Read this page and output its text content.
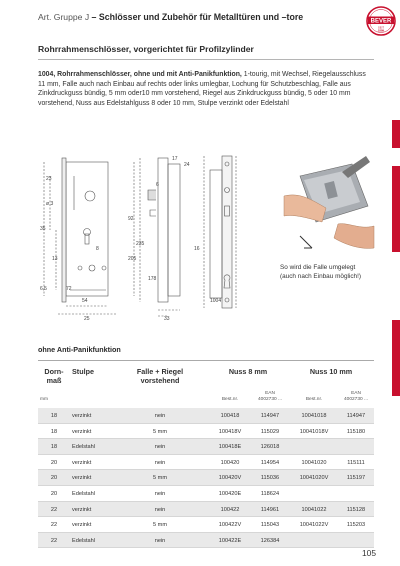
Art. Gruppe J – Schlösser und Zubehör für Metalltüren und –tore	BEVER
SEIT
1889
Rohrrahmenschlösser, vorgerichtet für Profilzylinder
1004, Rohrrahmenschlösser, ohne und mit Anti-Panikfunktion, 1-tourig, mit Wechsel, Riegelausschluss 11 mm, Falle auch nach Einbau auf rechts oder links umlegbar, Lochung für Schutzbeschlag, Falle aus Zinkdruckguss bündig, 5 mm oder10 mm vorstehend, Riegel aus Zinkdruckguss bündig, 5 oder 10 mm vorstehend, Nuss aus Edelstahlguss 8 oder 10 mm, Stulpe verzinkt oder Edelstahl
35
ø 3
13
23
6,5
54
25
72
8
92
235
205
17
24
178
6
33
16
1004
So wird die Falle umgelegt
(auch nach Einbau möglich!)
ohne Anti-Panikfunktion
Dorn-
maß
Stulpe	Falle + Riegel
vorstehend
Nuss 8 mm	Nuss 10 mm
mm	Best.nr.
EAN
4002730 ...	Best.nr.
EAN
4002730 ...
18	verzinkt	nein	100418	114947	10041018	114947
18	verzinkt	5 mm	100418V	115029	10041018V	115180
18	Edelstahl	nein	100418E	126018
20	verzinkt	nein	100420	114954	10041020	115111
20	verzinkt	5 mm	100420V	115036	10041020V	115197
20	Edelstahl	nein	100420E	118624
22	verzinkt	nein	100422	114961	10041022	115128
22	verzinkt	5 mm	100422V	115043	10041022V	115203
22	Edelstahl	nein	100422E	126384
105
